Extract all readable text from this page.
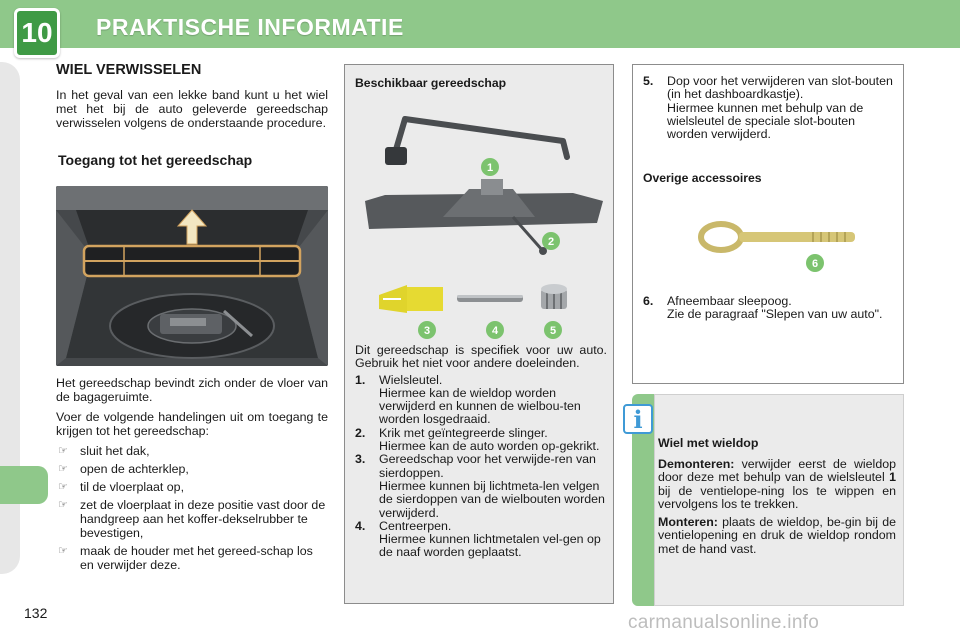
10	PRAKTISCHE INFORMATIE
WIEL VERWISSELEN
In het geval van een lekke band kunt u het wiel met het bij de auto geleverde gereedschap verwisselen volgens de onderstaande procedure.
Toegang tot het gereedschap
Het gereedschap bevindt zich onder de vloer van de bagageruimte.
Voer de volgende handelingen uit om toegang te krijgen tot het gereedschap:
☞ sluit het dak,
☞ open de achterklep,
☞ til de vloerplaat op,
☞ zet de vloerplaat in deze positie vast door de handgreep aan het koffer-dekselrubber te bevestigen,
☞ maak de houder met het gereed-schap los en verwijder deze.
Beschikbaar gereedschap
1
2
3	4	5
Dit gereedschap is specifiek voor uw auto. Gebruik het niet voor andere doeleinden.
1. Wielsleutel.
Hiermee kan de wieldop worden verwijderd en kunnen de wielbou-ten worden losgedraaid.
2. Krik met geïntegreerde slinger.
Hiermee kan de auto worden op-gekrikt.
3. Gereedschap voor het verwijde-ren van sierdoppen.
Hiermee kunnen bij lichtmeta-len velgen de sierdoppen van de wielbouten worden verwijderd.
4. Centreerpen.
Hiermee kunnen lichtmetalen vel-gen op de naaf worden geplaatst.
5. Dop voor het verwijderen van slot-bouten (in het dashboardkastje).
Hiermee kunnen met behulp van de wielsleutel de speciale slot-bouten worden verwijderd.
Overige accessoires
6
6. Afneembaar sleepoog.
Zie de paragraaf "Slepen van uw auto".
Wiel met wieldop
Demonteren: verwijder eerst de wieldop door deze met behulp van de wielsleutel 1 bij de ventielope-ning los te wippen en vervolgens los te trekken.
Monteren: plaats de wieldop, be-gin bij de ventielopening en druk de wieldop rondom met de hand vast.
i
132	carmanualsonline.info
